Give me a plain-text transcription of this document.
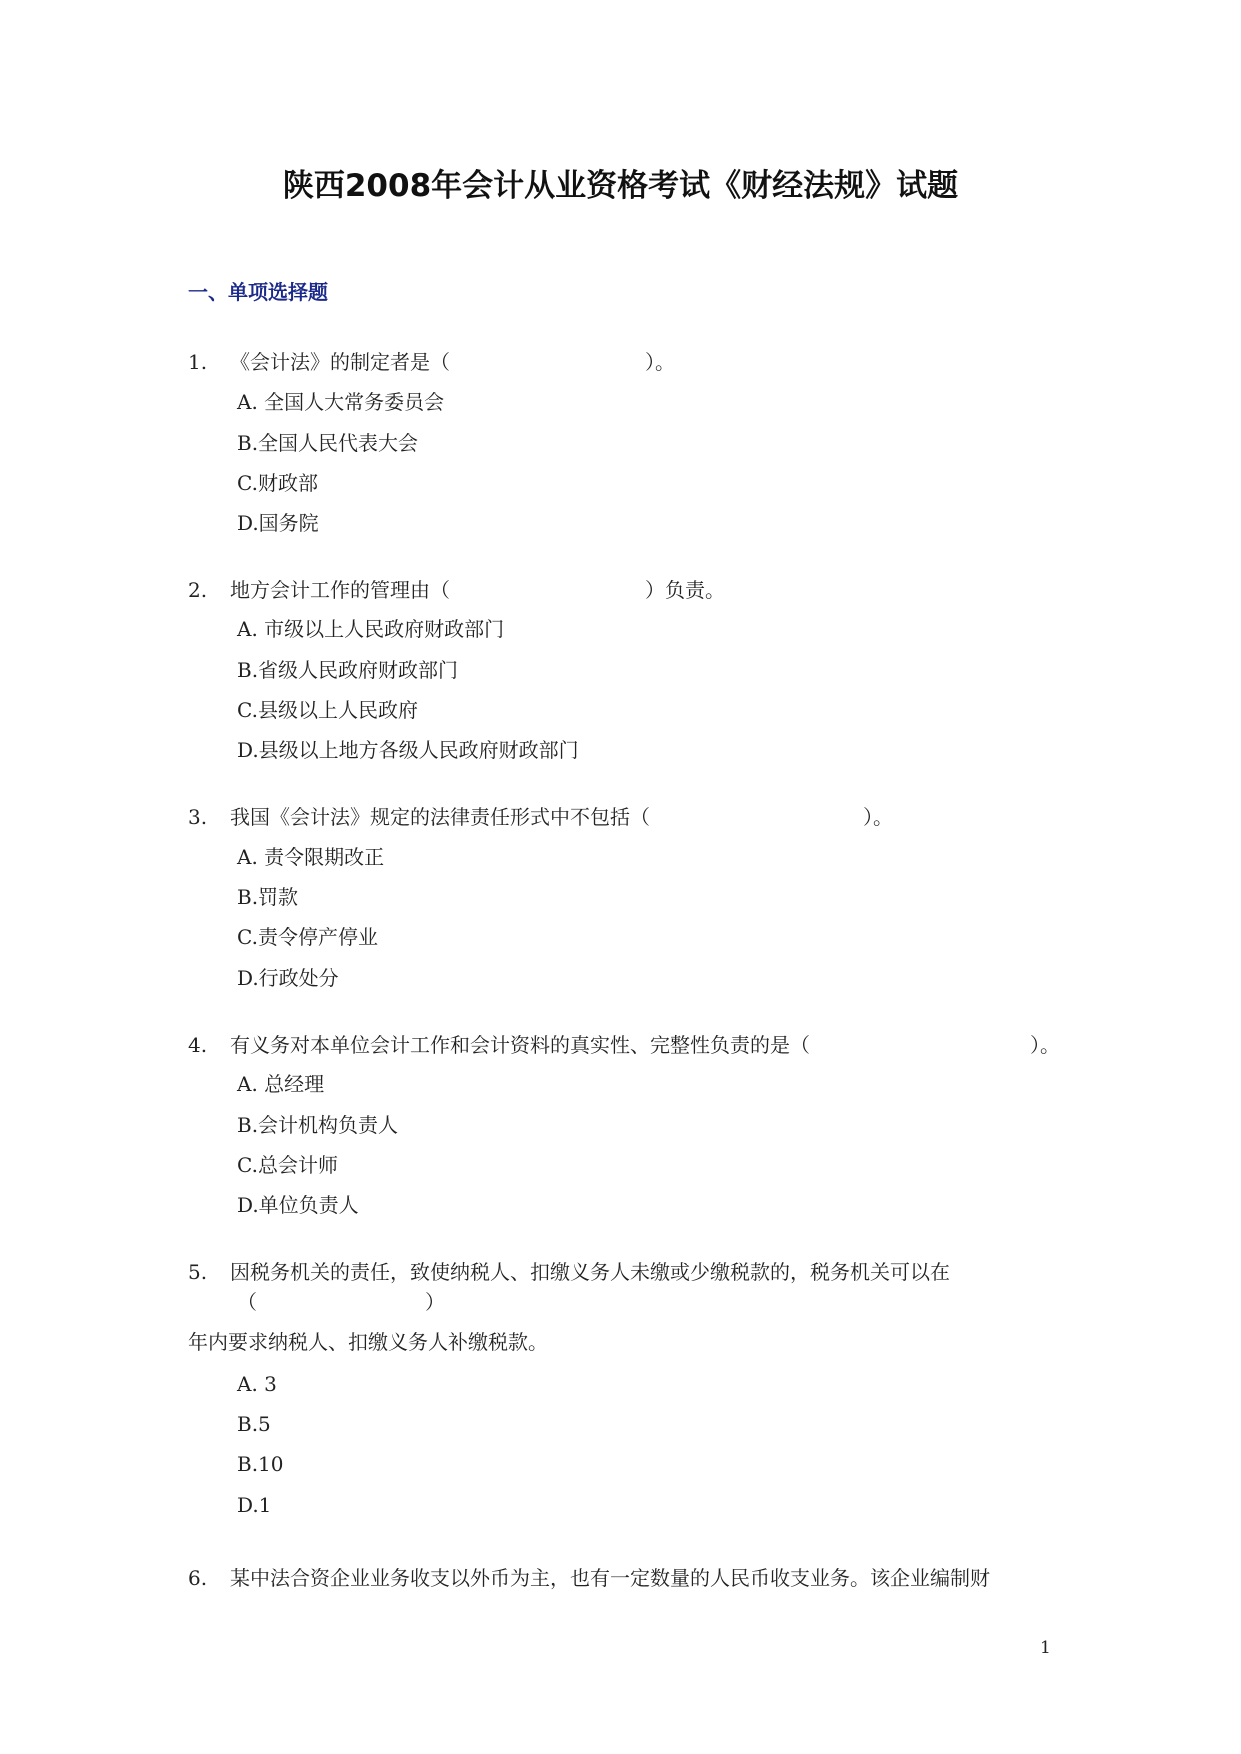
陕西2008年会计从业资格考试《财经法规》试题
一、单项选择题
1. 《会计法》的制定者是（	）。
A. 全国人大常务委员会
B.全国人民代表大会
C.财政部
D.国务院
2. 地方会计工作的管理由（	）负责。
A. 市级以上人民政府财政部门
B.省级人民政府财政部门
C.县级以上人民政府
D.县级以上地方各级人民政府财政部门
3. 我国《会计法》规定的法律责任形式中不包括（	）。
A. 责令限期改正
B.罚款
C.责令停产停业
D.行政处分
4. 有义务对本单位会计工作和会计资料的真实性、完整性负责的是（	）。
A. 总经理
B.会计机构负责人
C.总会计师
D.单位负责人
5. 因税务机关的责任，致使纳税人、扣缴义务人未缴或少缴税款的，税务机关可以在
（	）
年内要求纳税人、扣缴义务人补缴税款。
A. 3
B.5
B.10
D.1
6. 某中法合资企业业务收支以外币为主，也有一定数量的人民币收支业务。该企业编制财
1
